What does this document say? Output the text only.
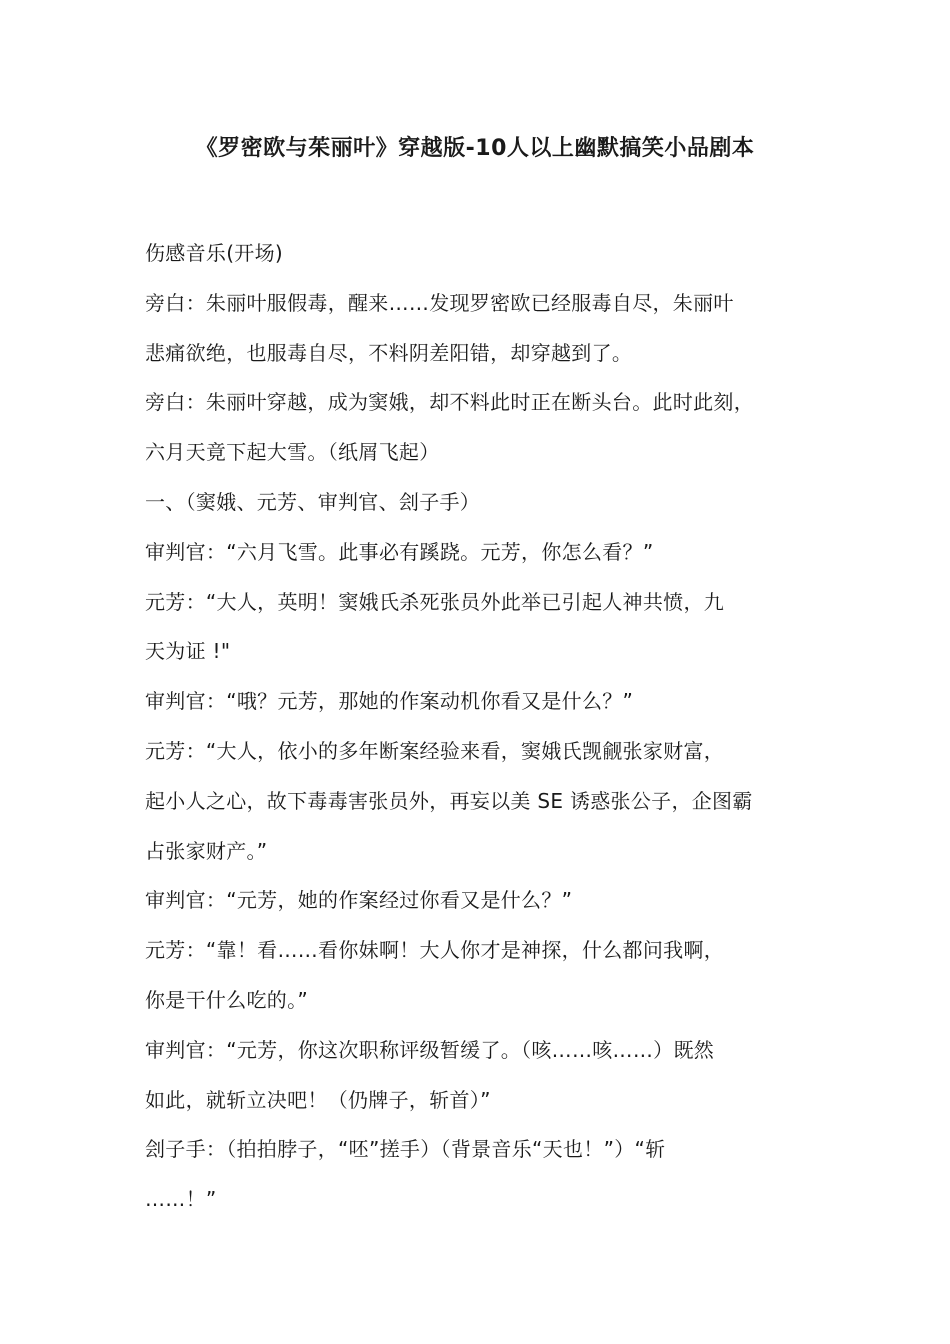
《罗密欧与茱丽叶》穿越版-10人以上幽默搞笑小品剧本
伤感音乐(开场)
旁白：朱丽叶服假毒，醒来……发现罗密欧已经服毒自尽，朱丽叶
悲痛欲绝，也服毒自尽，不料阴差阳错，却穿越到了。
旁白：朱丽叶穿越，成为窦娥，却不料此时正在断头台。此时此刻，
六月天竟下起大雪。（纸屑飞起）
一、（窦娥、元芳、审判官、刽子手）
审判官：“六月飞雪。此事必有蹊跷。元芳，你怎么看？”
元芳：“大人，英明！窦娥氏杀死张员外此举已引起人神共愤，九
天为证 !"
审判官：“哦？元芳，那她的作案动机你看又是什么？”
元芳：“大人，依小的多年断案经验来看，窦娥氏觊觎张家财富，
起小人之心，故下毒毒害张员外，再妄以美 SE 诱惑张公子，企图霸
占张家财产。”
审判官：“元芳，她的作案经过你看又是什么？”
元芳：“靠！看……看你妹啊！大人你才是神探，什么都问我啊，
你是干什么吃的。”
审判官：“元芳，你这次职称评级暂缓了。（咳……咳……）既然
如此，就斩立决吧！（仍牌子，斩首）”
刽子手：（拍拍脖子，“呸”搓手）（背景音乐“天也！”）“斩
……！”
